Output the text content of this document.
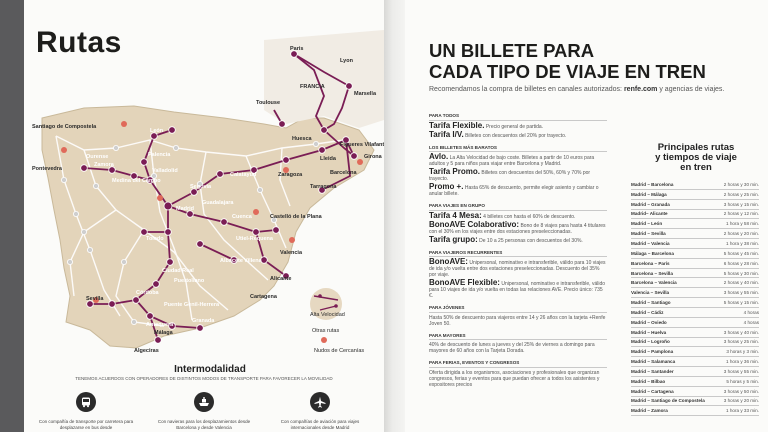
Paris
Lyon
FRANCIA
Marsella
Toulouse
Santiago de Compostela
Pontevedra
Ourense
León
Palencia
Valladolid
Medina del Campo
Zamora
Segovia
Huesca
Lleida	Girona
Figueres Vilafant
Barcelona
Zaragoza
Tarragona
Calatayud
Madrid
Guadalajara
Cuenca	Castelló de la Plana
Utiel-Requena
Valencia
Toledo
Ciudad Real
Puertollano
Villena
Alicante
Albacete
Córdoba
Sevilla
Antequera
Puente Genil-Herrera
Granada
Málaga
Algeciras
Cartagena
Alta Velocidad
Otras rutas
Nudos de Cercanías
Rutas
Intermodalidad
TENEMOS ACUERDOS CON OPERADORES DE DISTINTOS MODOS DE TRANSPORTE PARA FAVORECER LA MOVILIDAD
Con compañía de transporte por carretera para desplazarse en bus desde
Con navieras para los desplazamientos desde Barcelona y desde Valencia
Con compañías de aviación para viajes internacionales desde Madrid
UN BILLETE PARA
CADA TIPO DE VIAJE EN TREN
Recomendamos la compra de billetes en canales autorizados: renfe.com y agencias de viajes.
PARA TODOS
Tarifa Flexible. Precio general de partida.
Tarifa I/V. Billetes con descuentos del 20% por trayecto.
LOS BILLETES MÁS BARATOS
Avlo. La Alta Velocidad de bajo coste. Billetes a partir de 10 euros para adultos y 5 para niños para viajar entre Barcelona y Madrid.
Tarifa Promo. Billetes con descuentos del 50%, 60% y 70% por trayecto.
Promo +. Hasta 65% de descuento, permite elegir asiento y cambiar o anular billete.
PARA VIAJES EN GRUPO
Tarifa 4 Mesa: 4 billetes con hasta el 60% de descuento.
BonoAVE Colaborativo: Bono de 8 viajes para hasta 4 titulares con el 30% en los viajes entre dos estaciones preseleccionadas.
Tarifa grupo: De 10 a 25 personas con descuentos del 30%.
PARA VIAJEROS RECURRENTES
BonoAVE: Unipersonal, nominativo e intransferible, válido para 10 viajes de ida y/o vuelta entre dos estaciones preseleccionadas. Descuento del 35% por viaje.
BonoAVE Flexible: Unipersonal, nominativo e intransferible, válido para 10 viajes de ida y/o vuelta en todas las relaciones AVE. Precio único: 735 €.
PARA JÓVENES
Hasta 50% de descuento para viajeros entre 14 y 26 años con la tarjeta +Renfe Joven 50.
PARA MAYORES
40% de descuento de lunes a jueves y del 25% de viernes a domingo para mayores de 60 años con la Tarjeta Dorada.
PARA FERIAS, EVENTOS Y CONGRESOS
Oferta dirigida a los organismos, asociaciones y profesionales que organizan congresos, ferias y eventos para que puedan ofrecer a todos los asistentes y expositores precios
Principales rutas
y tiempos de viaje
en tren
Madrid – Barcelona	2 horas y 30 min.
Madrid – Málaga	2 horas y 25 min.
Madrid – Granada	3 horas y 15 min.
Madrid– Alicante	2 horas y 12 min.
Madrid – León	1 hora y 58 min.
Madrid – Sevilla	2 horas y 20 min.
Madrid – Valencia	1 hora y 38 min.
Málaga – Barcelona	5 horas y 45 min.
Barcelona – París	6 horas y 28 min.
Barcelona – Sevilla	5 horas y 30 min.
Barcelona – Valencia	2 horas y 40 min.
Valencia – Sevilla	3 horas y 55 min.
Madrid – Santiago	5 horas y 15 min.
Madrid – Cádiz	4 horas
Madrid – Oviedo	4 horas
Madrid – Huelva	3 horas y 40 min.
Madrid – Logroño	3 horas y 25 min.
Madrid – Pamplona	3 horas y 3 min.
Madrid – Salamanca	1 hora y 36 min.
Madrid – Santander	3 horas y 55 min.
Madrid – Bilbao	5 horas y 5 min.
Madrid – Cartagena	3 horas y 50 min.
Madrid – Santiago de Compostela	3 horas y 20 min.
Madrid – Zamora	1 hora y 33 min.
